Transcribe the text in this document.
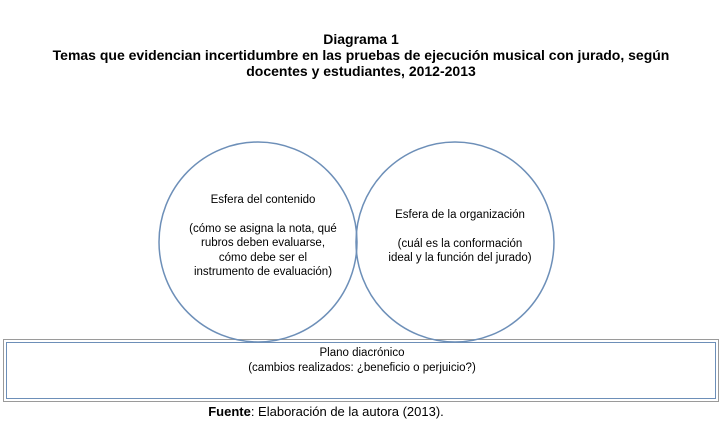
Diagrama 1
Temas que evidencian incertidumbre en las pruebas de ejecución musical con jurado, según docentes y estudiantes, 2012-2013
Esfera del contenido
(cómo se asigna la nota, qué
rubros deben evaluarse,
cómo debe ser el
instrumento de evaluación)
Esfera de la organización
(cuál es la conformación
ideal y la función del jurado)
Plano diacrónico
(cambios realizados: ¿beneficio o perjuicio?)
Fuente: Elaboración de la autora (2013).
